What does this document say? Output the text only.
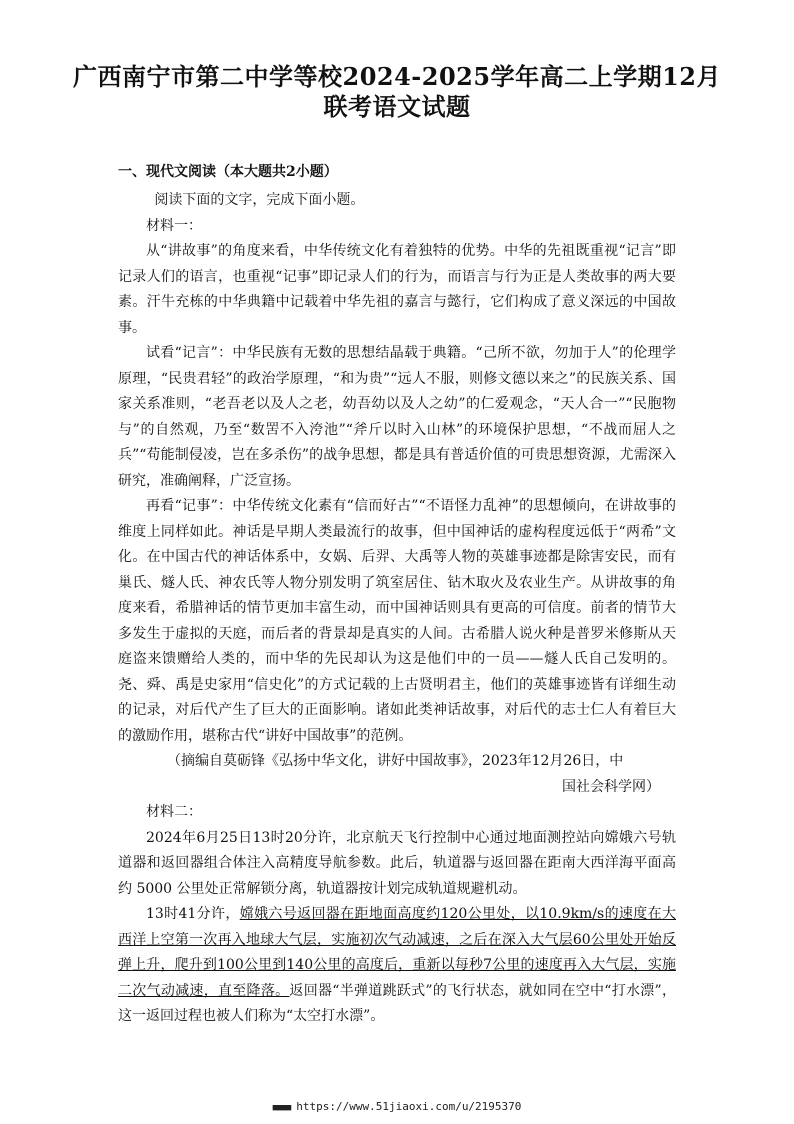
广西南宁市第二中学等校2024-2025学年高二上学期12月
联考语文试题
一、现代文阅读（本大题共2小题）

阅读下面的文字，完成下面小题。

材料一：

从“讲故事”的角度来看，中华传统文化有着独特的优势。中华的先祖既重视“记言”即记录人们的语言，也重视“记事”即记录人们的行为，而语言与行为正是人类故事的两大要素。汗牛充栋的中华典籍中记载着中华先祖的嘉言与懿行，它们构成了意义深远的中国故事。

试看“记言”：中华民族有无数的思想结晶载于典籍。“己所不欲，勿加于人”的伦理学原理，“民贵君轻”的政治学原理，“和为贵”“远人不服，则修文德以来之”的民族关系、国家关系准则，“老吾老以及人之老，幼吾幼以及人之幼”的仁爱观念，“天人合一”“民胞物与”的自然观，乃至“数罟不入洿池”“斧斤以时入山林”的环境保护思想，“不战而屈人之兵”“苟能制侵凌，岂在多杀伤”的战争思想，都是具有普适价值的可贵思想资源，尤需深入研究，准确阐释，广泛宣扬。

再看“记事”：中华传统文化素有“信而好古”“不语怪力乱神”的思想倾向，在讲故事的维度上同样如此。神话是早期人类最流行的故事，但中国神话的虚构程度远低于“两希”文化。在中国古代的神话体系中，女娲、后羿、大禹等人物的英雄事迹都是除害安民，而有巢氏、燧人氏、神农氏等人物分别发明了筑室居住、钻木取火及农业生产。从讲故事的角度来看，希腊神话的情节更加丰富生动，而中国神话则具有更高的可信度。前者的情节大多发生于虚拟的天庭，而后者的背景却是真实的人间。古希腊人说火种是普罗米修斯从天庭盗来馈赠给人类的，而中华的先民却认为这是他们中的一员——燧人氏自己发明的。尧、舜、禹是史家用“信史化”的方式记载的上古贤明君主，他们的英雄事迹皆有详细生动的记录，对后代产生了巨大的正面影响。诸如此类神话故事，对后代的志士仁人有着巨大的激励作用，堪称古代“讲好中国故事”的范例。

（摘编自莫砺锋《弘扬中华文化，讲好中国故事》，2023年12月26日，中
国社会科学网）

材料二：

2024年6月25日13时20分许，北京航天飞行控制中心通过地面测控站向嫦娥六号轨道器和返回器组合体注入高精度导航参数。此后，轨道器与返回器在距南大西洋海平面高约 5000 公里处正常解锁分离，轨道器按计划完成轨道规避机动。

13时41分许，嫦娥六号返回器在距地面高度约120公里处，以10.9km/s的速度在大西洋上空第一次再入地球大气层，实施初次气动减速，之后在深入大气层60公里处开始反弹上升，爬升到100公里到140公里的高度后，重新以每秒7公里的速度再入大气层，实施二次气动减速，直至降落。返回器“半弹道跳跃式”的飞行状态，就如同在空中“打水漂”，这一返回过程也被人们称为“太空打水漂”。

■■■■ https://www.51jiaoxi.com/u/2195370
